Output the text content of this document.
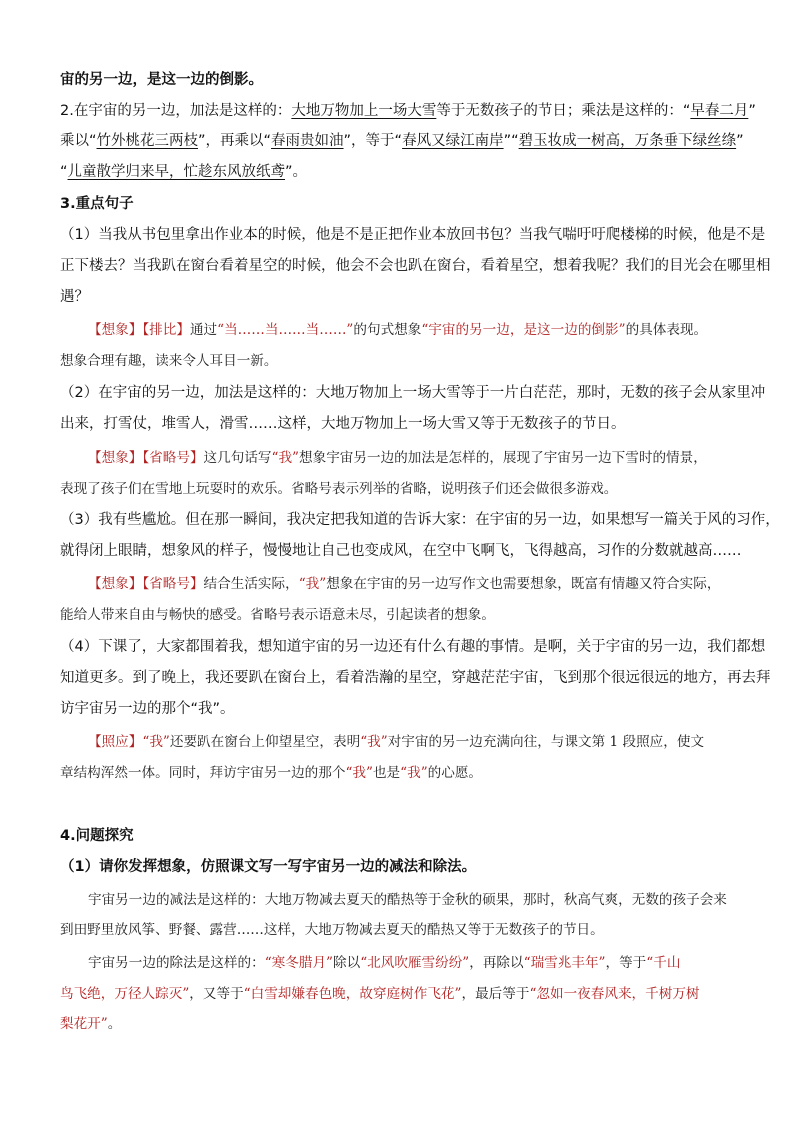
宙的另一边，是这一边的倒影。
2.在宇宙的另一边，加法是这样的：大地万物加上一场大雪等于无数孩子的节日；乘法是这样的：“早春二月”
乘以“竹外桃花三两枝”，再乘以“春雨贵如油”，等于“春风又绿江南岸”“碧玉妆成一树高，万条垂下绿丝绦”
“儿童散学归来早，忙趁东风放纸鸢”。
3.重点句子
（1）当我从书包里拿出作业本的时候，他是不是正把作业本放回书包？当我气喘吁吁爬楼梯的时候，他是不是
正下楼去？当我趴在窗台看着星空的时候，他会不会也趴在窗台，看着星空，想着我呢？我们的目光会在哪里相
遇？
【想象】【排比】通过“当……当……当……”的句式想象“宇宙的另一边，是这一边的倒影”的具体表现。
想象合理有趣，读来令人耳目一新。
（2）在宇宙的另一边，加法是这样的：大地万物加上一场大雪等于一片白茫茫，那时，无数的孩子会从家里冲
出来，打雪仗，堆雪人，滑雪……这样，大地万物加上一场大雪又等于无数孩子的节日。
【想象】【省略号】这几句话写“我”想象宇宙另一边的加法是怎样的，展现了宇宙另一边下雪时的情景，
表现了孩子们在雪地上玩耍时的欢乐。省略号表示列举的省略，说明孩子们还会做很多游戏。
（3）我有些尴尬。但在那一瞬间，我决定把我知道的告诉大家：在宇宙的另一边，如果想写一篇关于风的习作，
就得闭上眼睛，想象风的样子，慢慢地让自己也变成风，在空中飞啊飞，飞得越高，习作的分数就越高……
【想象】【省略号】结合生活实际，“我”想象在宇宙的另一边写作文也需要想象，既富有情趣又符合实际，
能给人带来自由与畅快的感受。省略号表示语意未尽，引起读者的想象。
（4）下课了，大家都围着我，想知道宇宙的另一边还有什么有趣的事情。是啊，关于宇宙的另一边，我们都想
知道更多。到了晚上，我还要趴在窗台上，看着浩瀚的星空，穿越茫茫宇宙，飞到那个很远很远的地方，再去拜
访宇宙另一边的那个“我”。
【照应】“我”还要趴在窗台上仰望星空，表明“我”对宇宙的另一边充满向往，与课文第 1 段照应，使文
章结构浑然一体。同时，拜访宇宙另一边的那个“我”也是“我”的心愿。
4.问题探究
（1）请你发挥想象，仿照课文写一写宇宙另一边的减法和除法。
宇宙另一边的减法是这样的：大地万物减去夏天的酷热等于金秋的硕果，那时，秋高气爽，无数的孩子会来
到田野里放风筝、野餐、露营……这样，大地万物减去夏天的酷热又等于无数孩子的节日。
宇宙另一边的除法是这样的：“寒冬腊月”除以“北风吹雁雪纷纷”，再除以“瑞雪兆丰年”，等于“千山
鸟飞绝，万径人踪灭”，又等于“白雪却嫌春色晚，故穿庭树作飞花”，最后等于“忽如一夜春风来，千树万树
梨花开”。
